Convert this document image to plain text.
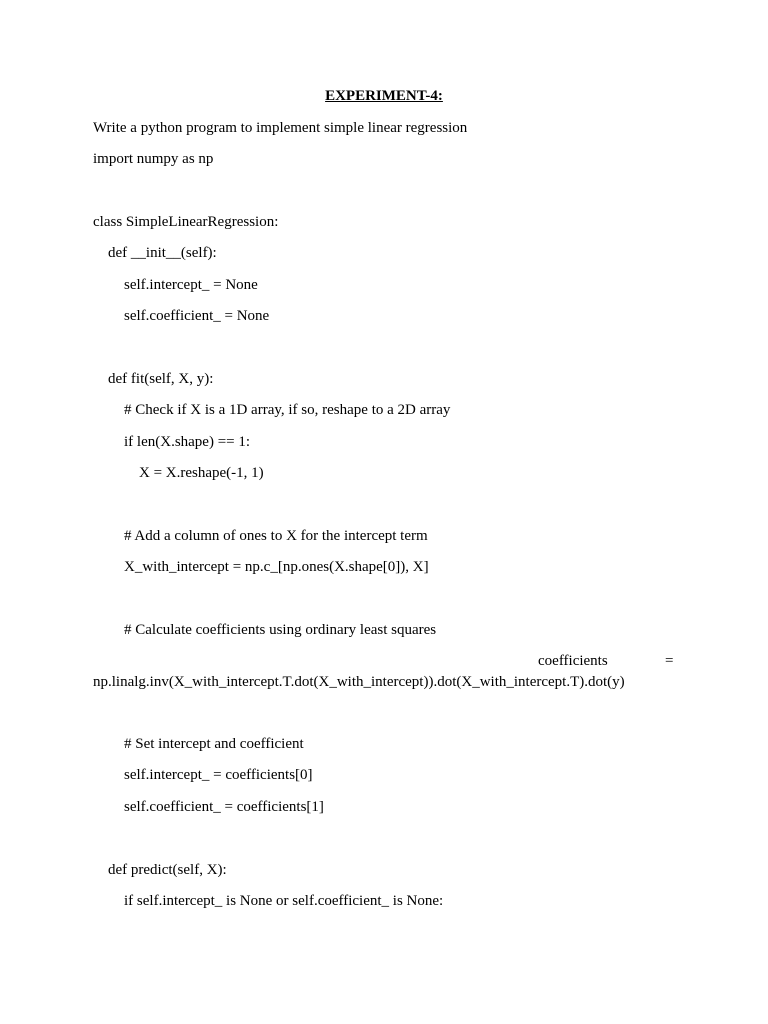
EXPERIMENT-4:
Write a python program to implement simple linear regression
import numpy as np
class SimpleLinearRegression:
def __init__(self):
self.intercept_ = None
self.coefficient_ = None
def fit(self, X, y):
# Check if X is a 1D array, if so, reshape to a 2D array
if len(X.shape) == 1:
X = X.reshape(-1, 1)
# Add a column of ones to X for the intercept term
X_with_intercept = np.c_[np.ones(X.shape[0]), X]
# Calculate coefficients using ordinary least squares
coefficients	=
np.linalg.inv(X_with_intercept.T.dot(X_with_intercept)).dot(X_with_intercept.T).dot(y)
# Set intercept and coefficient
self.intercept_ = coefficients[0]
self.coefficient_ = coefficients[1]
def predict(self, X):
if self.intercept_ is None or self.coefficient_ is None:
